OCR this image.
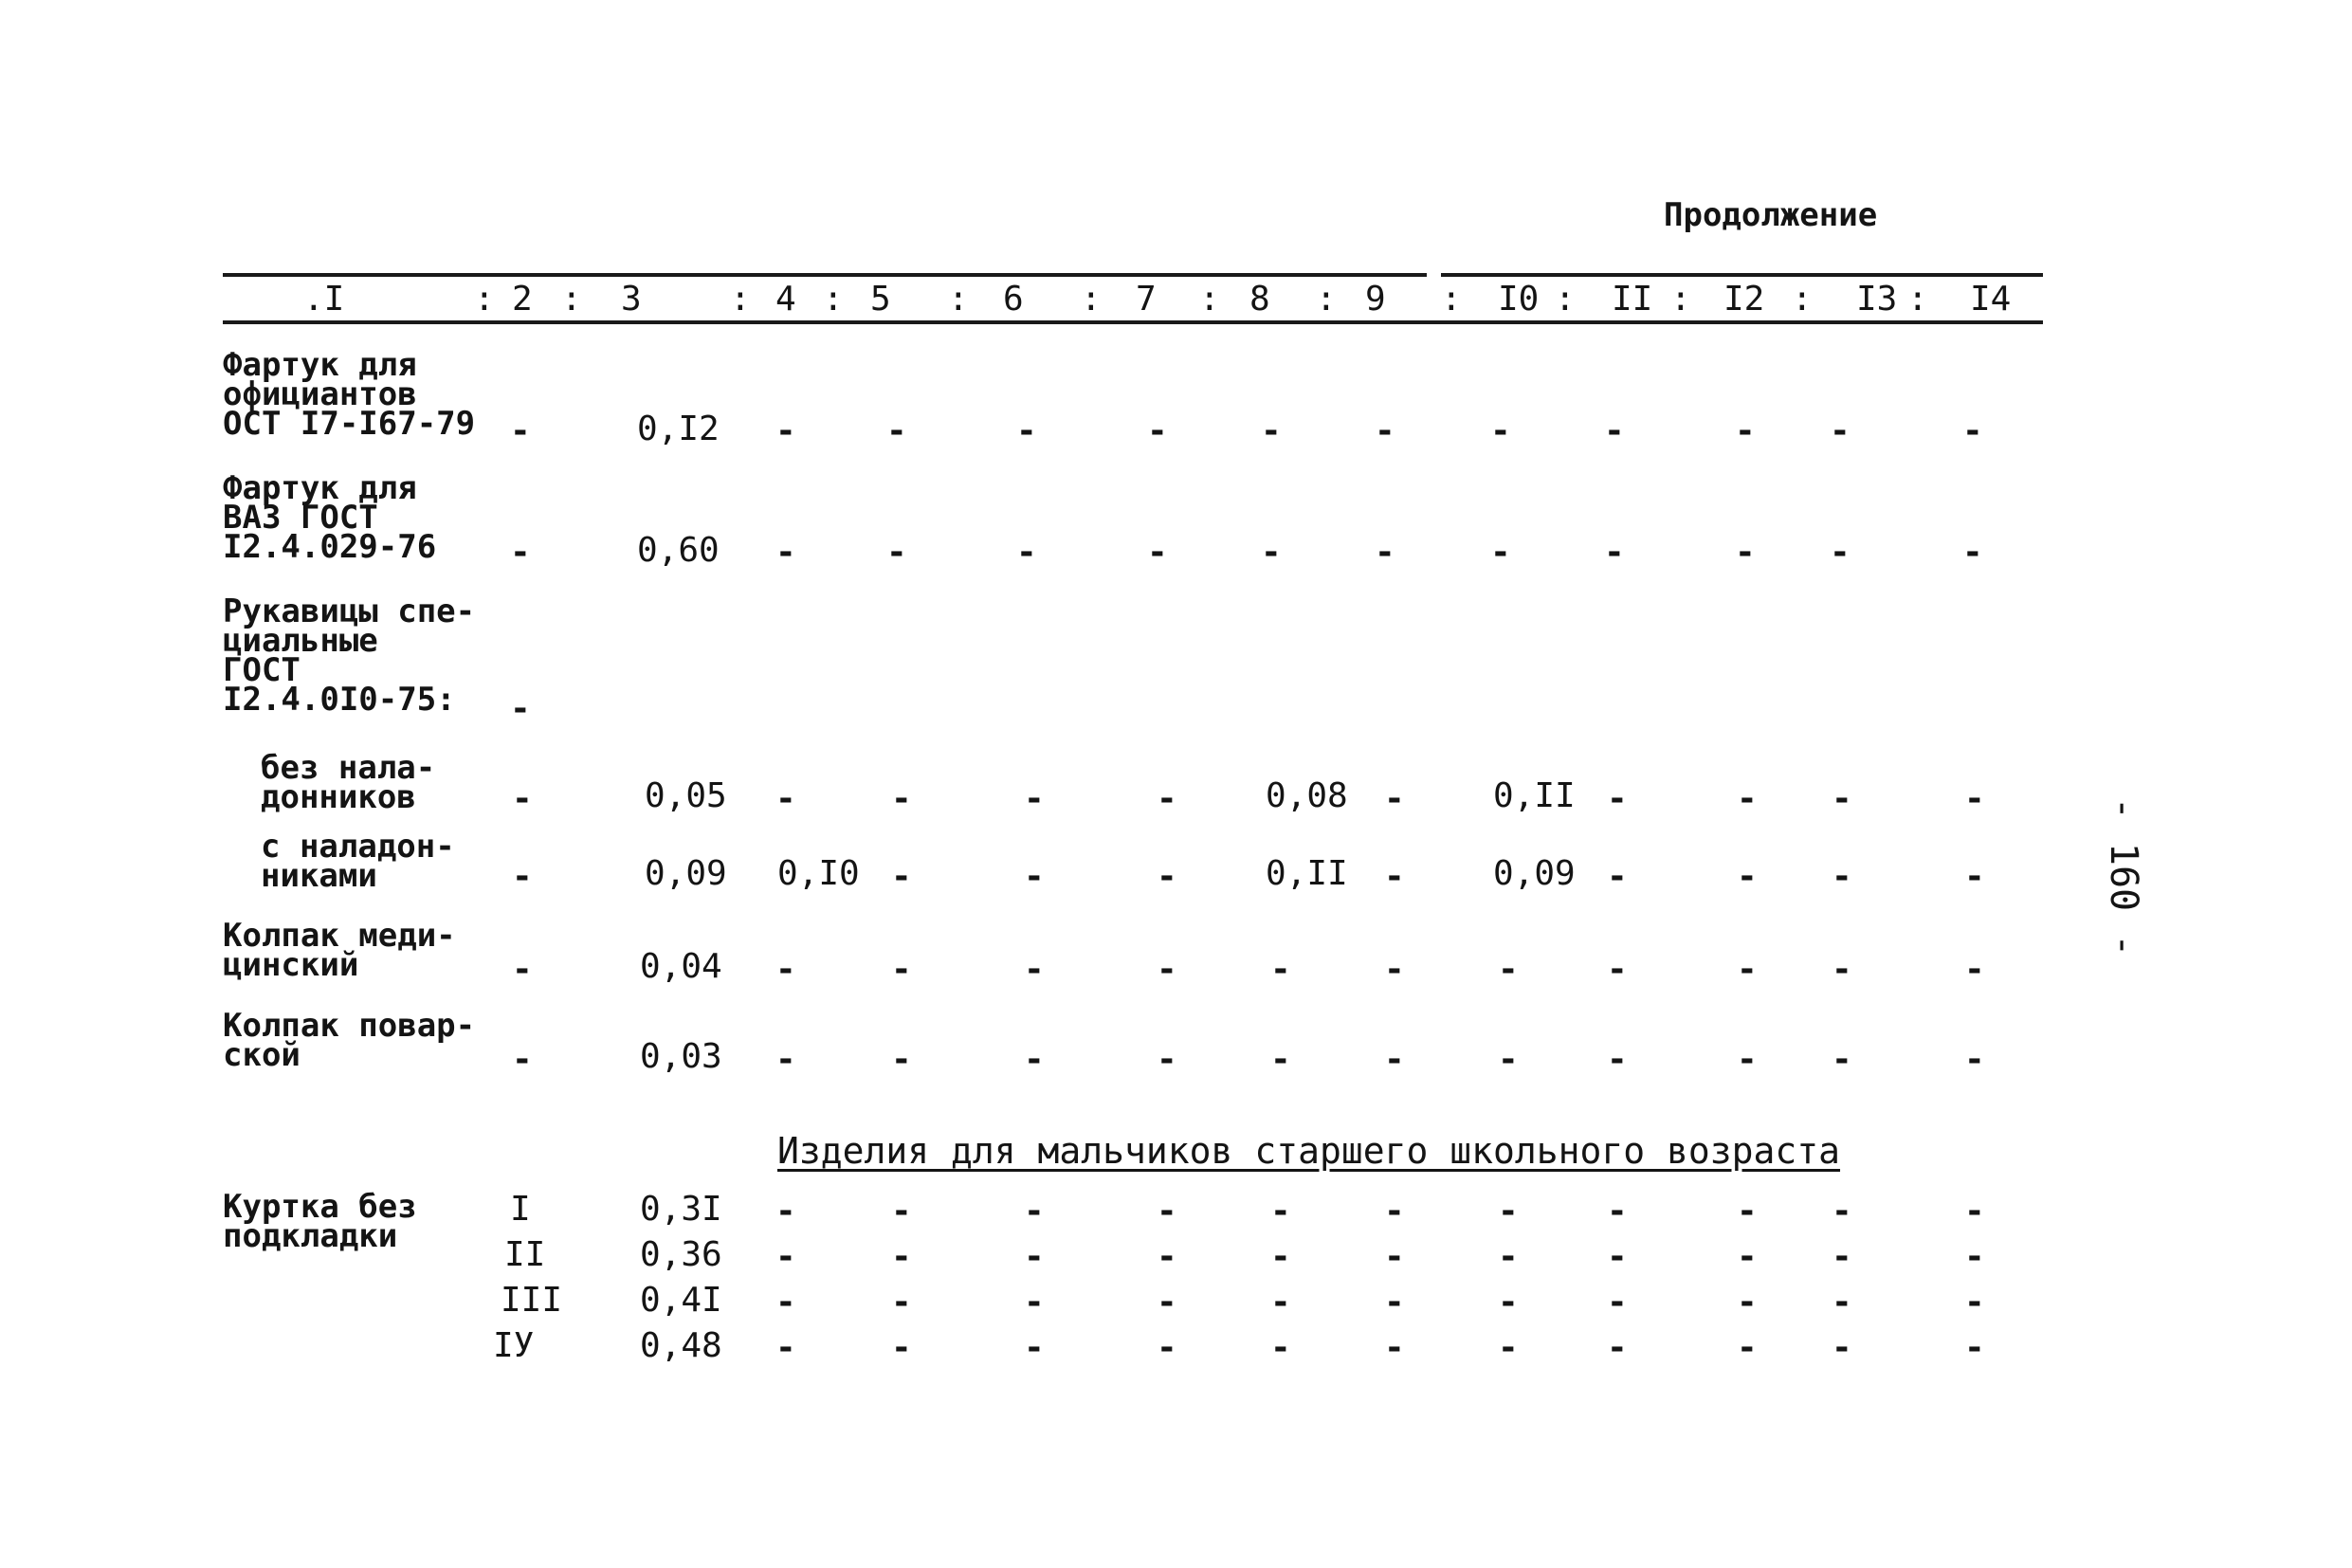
Продолжение
.I	2	3	4 5	6	7	8	9	I0 II I2	I3 I4
: :	: :	:	:	:	:	:	:	:	:	:
Фартук для
официантов
ОСТ I7-I67-79 -	0,I2 -	-	-	-	-	-	-	-	- -	-
Фартук для
ВАЗ ГОСТ
I2.4.029-76 -	0,60 -	-	-	-	-	-	-	-	- -	-
Рукавицы спе-
циальные
ГОСТ
I2.4.0I0-75:	-
без нала-
донников	-	0,05 -	-	-	-	0,08 -	0,II -	- -	-
с наладон-
никами	-	0,09 0,I0 -	-	-	0,II -	0,09 -	- -	-
Колпак меди-
цинский	-	0,04 -	-	-	-	-	-	-	-	- -	-
Колпак повар-
ской	-	0,03 -	-	-	-	-	-	-	-	- -	-
Изделия для мальчиков старшего школьного возраста
Куртка без
подкладки
I	0,3I -	-	-	-	-	-	-	-	- -	-
II	0,36 -	-	-	-	-	-	-	-	- -	-
III 0,4I -	-	-	-	-	-	-	-	- -	-
IУ	0,48 -	-	-	-	-	-	-	-	- -	-
- 160 -
